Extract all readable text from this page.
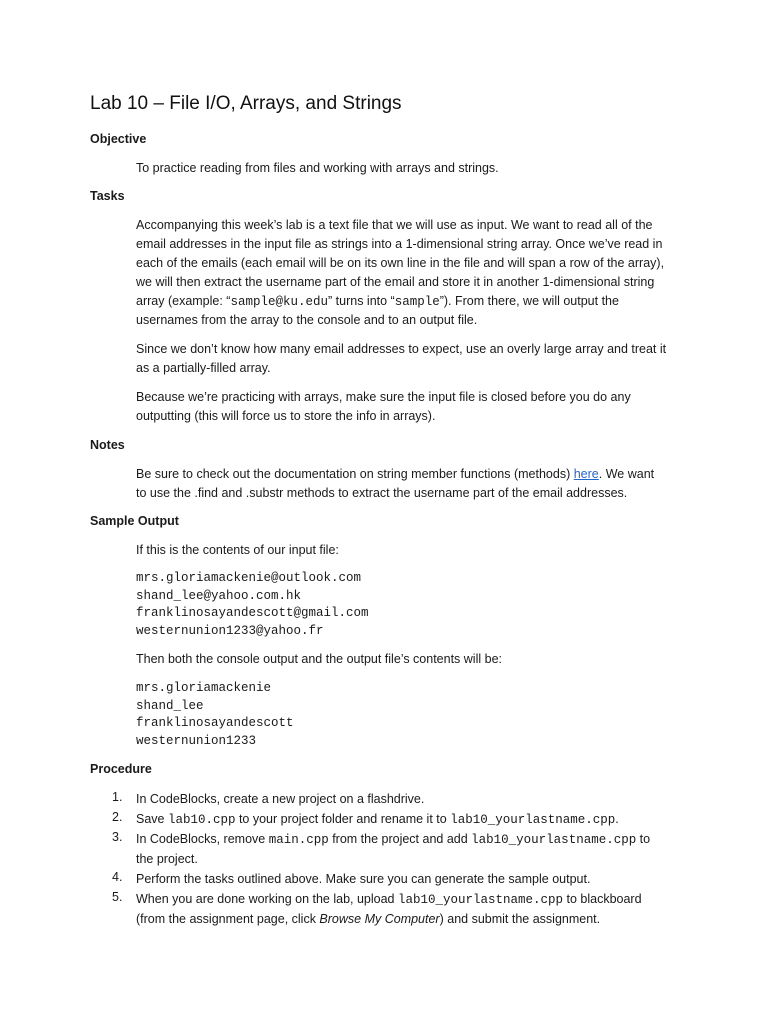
Lab 10 – File I/O, Arrays, and Strings
Objective
To practice reading from files and working with arrays and strings.
Tasks
Accompanying this week’s lab is a text file that we will use as input. We want to read all of the
email addresses in the input file as strings into a 1-dimensional string array. Once we’ve read in
each of the emails (each email will be on its own line in the file and will span a row of the array),
we will then extract the username part of the email and store it in another 1-dimensional string
array (example: “sample@ku.edu” turns into “sample”). From there, we will output the
usernames from the array to the console and to an output file.
Since we don’t know how many email addresses to expect, use an overly large array and treat it
as a partially-filled array.
Because we’re practicing with arrays, make sure the input file is closed before you do any
outputting (this will force us to store the info in arrays).
Notes
Be sure to check out the documentation on string member functions (methods) here. We want
to use the .find and .substr methods to extract the username part of the email addresses.
Sample Output
If this is the contents of our input file:
mrs.gloriamackenie@outlook.com
shand_lee@yahoo.com.hk
franklinosayandescott@gmail.com
westernunion1233@yahoo.fr
Then both the console output and the output file’s contents will be:
mrs.gloriamackenie
shand_lee
franklinosayandescott
westernunion1233
Procedure
1. In CodeBlocks, create a new project on a flashdrive.
2. Save lab10.cpp to your project folder and rename it to lab10_yourlastname.cpp.
3. In CodeBlocks, remove main.cpp from the project and add lab10_yourlastname.cpp to
the project.
4. Perform the tasks outlined above. Make sure you can generate the sample output.
5. When you are done working on the lab, upload lab10_yourlastname.cpp to blackboard
(from the assignment page, click Browse My Computer) and submit the assignment.
